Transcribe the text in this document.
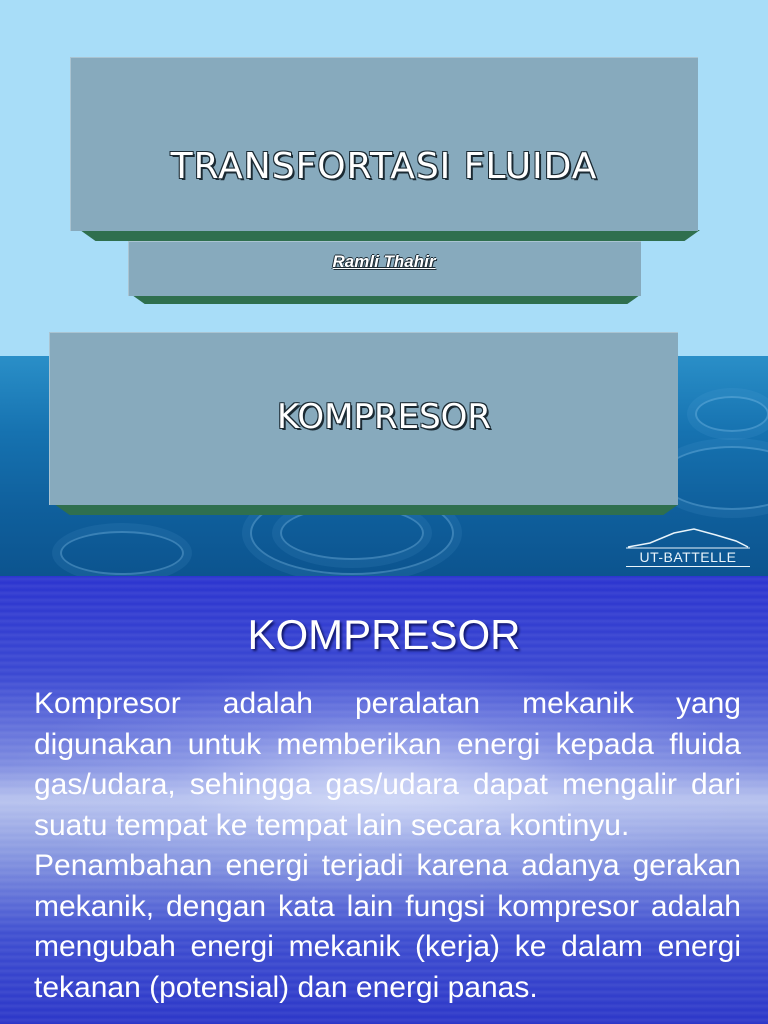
TRANSFORTASI FLUIDA
Ramli Thahir
KOMPRESOR
UT-BATTELLE
KOMPRESOR

Kompresor adalah peralatan mekanik yang digunakan untuk memberikan energi kepada fluida gas/udara, sehingga gas/udara dapat mengalir dari suatu tempat ke tempat lain secara kontinyu.

Penambahan energi terjadi karena adanya gerakan mekanik, dengan kata lain fungsi kompresor adalah mengubah energi mekanik (kerja) ke dalam energi tekanan (potensial) dan energi panas.
